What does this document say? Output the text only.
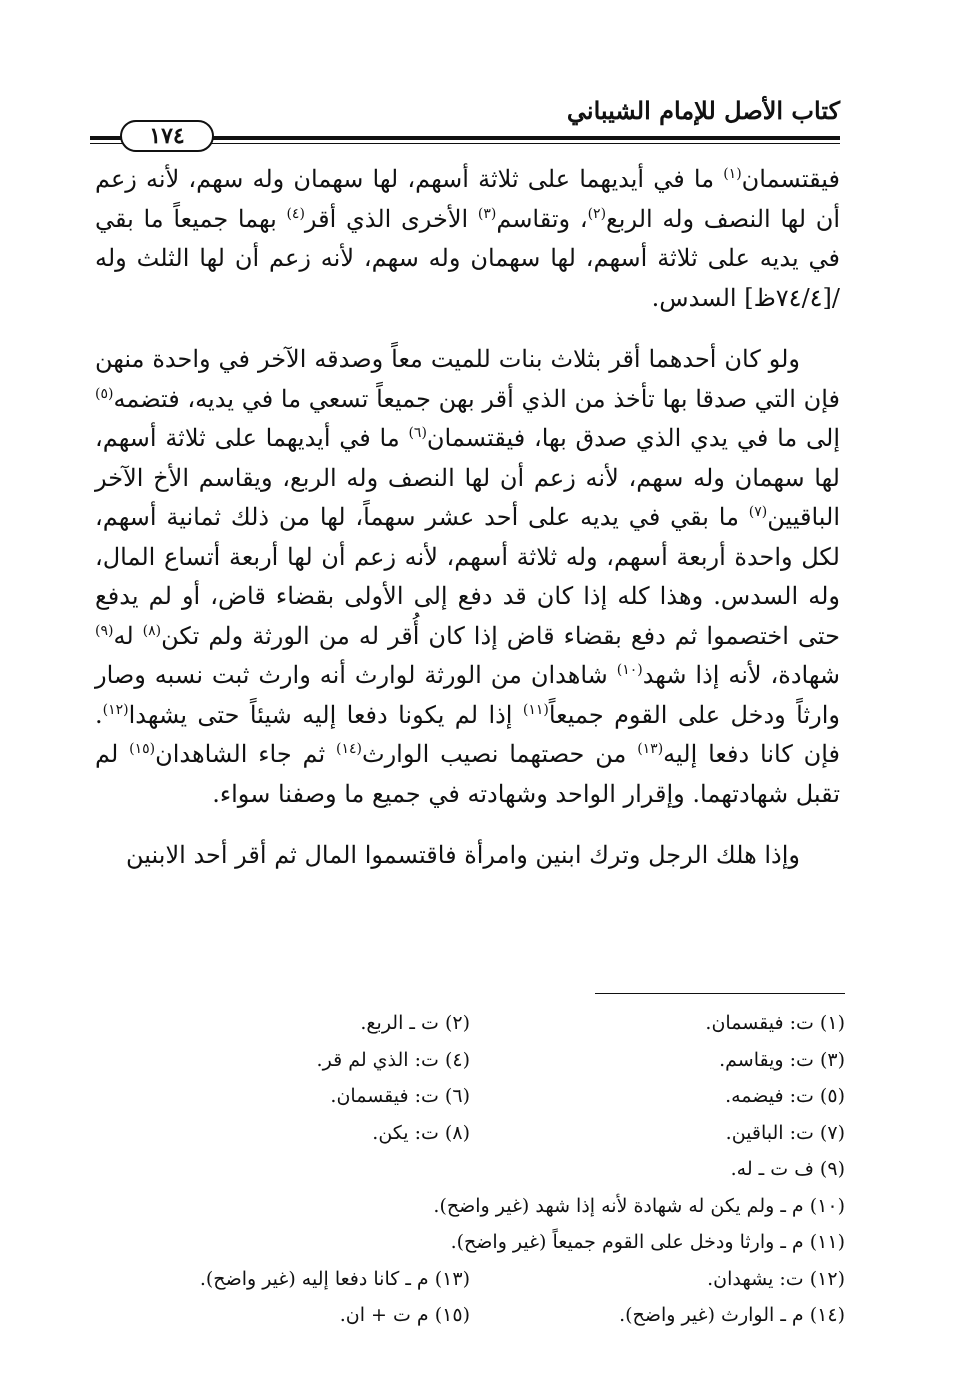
كتاب الأصل للإمام الشيباني
١٧٤

فيقتسمان$^{(١)}$ ما في أيديهما على ثلاثة أسهم، لها سهمان وله سهم، لأنه زعم أن لها النصف وله الربع$^{(٢)}$، وتقاسم$^{(٣)}$ الأخرى الذي أقر$^{(٤)}$ بهما جميعاً ما بقي في يديه على ثلاثة أسهم، لها سهمان وله سهم، لأنه زعم أن لها الثلث وله /[٧٤/٤ظ] السدس.

ولو كان أحدهما أقر بثلاث بنات للميت معاً وصدقه الآخر في واحدة منهن فإن التي صدقا بها تأخذ من الذي أقر بهن جميعاً تسعي ما في يديه، فتضمه$^{(٥)}$ إلى ما في يدي الذي صدق بها، فيقتسمان$^{(٦)}$ ما في أيديهما على ثلاثة أسهم، لها سهمان وله سهم، لأنه زعم أن لها النصف وله الربع، ويقاسم الأخ الآخر الباقيين$^{(٧)}$ ما بقي في يديه على أحد عشر سهماً، لها من ذلك ثمانية أسهم، لكل واحدة أربعة أسهم، وله ثلاثة أسهم، لأنه زعم أن لها أربعة أتساع المال، وله السدس. وهذا كله إذا كان قد دفع إلى الأولى بقضاء قاض، أو لم يدفع حتى اختصموا ثم دفع بقضاء قاض إذا كان أُقر له من الورثة ولم تكن$^{(٨)}$ له$^{(٩)}$ شهادة، لأنه إذا شهد$^{(١٠)}$ شاهدان من الورثة لوارث أنه وارث ثبت نسبه وصار وارثاً ودخل على القوم جميعاً$^{(١١)}$ إذا لم يكونا دفعا إليه شيئاً حتى يشهدا$^{(١٢)}$. فإن كانا دفعا إليه$^{(١٣)}$ من حصتهما نصيب الوارث$^{(١٤)}$ ثم جاء الشاهدان$^{(١٥)}$ لم تقبل شهادتهما. وإقرار الواحد وشهادته في جميع ما وصفنا سواء.

وإذا هلك الرجل وترك ابنين وامرأة فاقتسموا المال ثم أقر أحد الابنين

(١) ت: فيقسمان.
(٢) ت ـ الربع.
(٣) ت: ويقاسم.
(٤) ت: الذي لم قر.
(٥) ت: فيضمه.
(٦) ت: فيقسمان.
(٧) ت: الباقين.
(٨) ت: يكن.
(٩) ف ت ـ له.
(١٠) م ـ ولم يكن له شهادة لأنه إذا شهد (غير واضح).
(١١) م ـ وارثا ودخل على القوم جميعاً (غير واضح).
(١٢) ت: يشهدان.
(١٣) م ـ كانا دفعا إليه (غير واضح).
(١٤) م ـ الوارث (غير واضح).
(١٥) م ت + ان.
